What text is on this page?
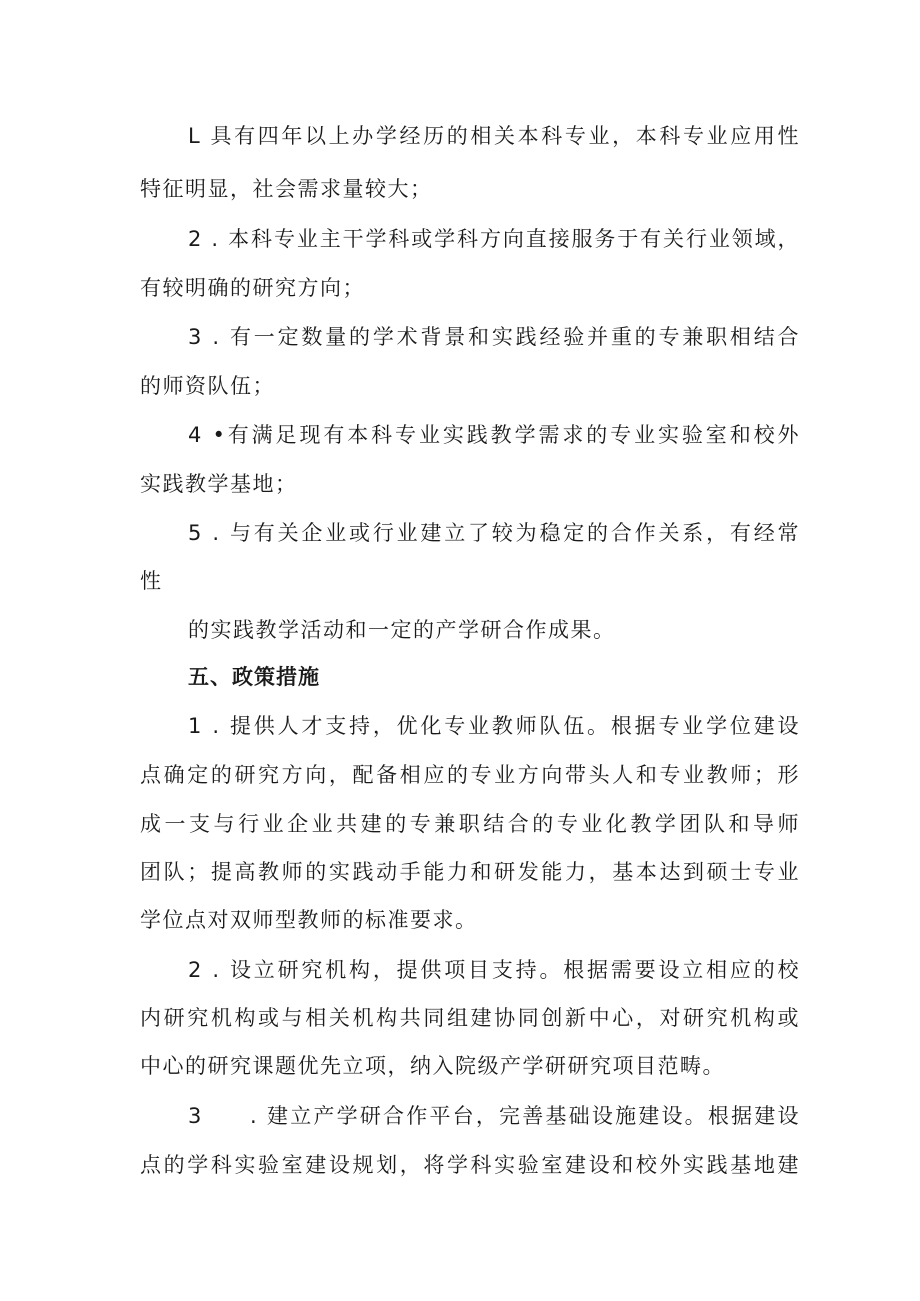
L 具有四年以上办学经历的相关本科专业，本科专业应用性
特征明显，社会需求量较大；
2 . 本科专业主干学科或学科方向直接服务于有关行业领域，
有较明确的研究方向；
3 . 有一定数量的学术背景和实践经验并重的专兼职相结合
的师资队伍；
4 •有满足现有本科专业实践教学需求的专业实验室和校外
实践教学基地；
5 . 与有关企业或行业建立了较为稳定的合作关系，有经常
性
的实践教学活动和一定的产学研合作成果。
五、政策措施
1 . 提供人才支持，优化专业教师队伍。根据专业学位建设
点确定的研究方向，配备相应的专业方向带头人和专业教师；形
成一支与行业企业共建的专兼职结合的专业化教学团队和导师
团队；提高教师的实践动手能力和研发能力，基本达到硕士专业
学位点对双师型教师的标准要求。
2 . 设立研究机构，提供项目支持。根据需要设立相应的校
内研究机构或与相关机构共同组建协同创新中心，对研究机构或
中心的研究课题优先立项，纳入院级产学研研究项目范畴。
3　　. 建立产学研合作平台，完善基础设施建设。根据建设
点的学科实验室建设规划，将学科实验室建设和校外实践基地建
